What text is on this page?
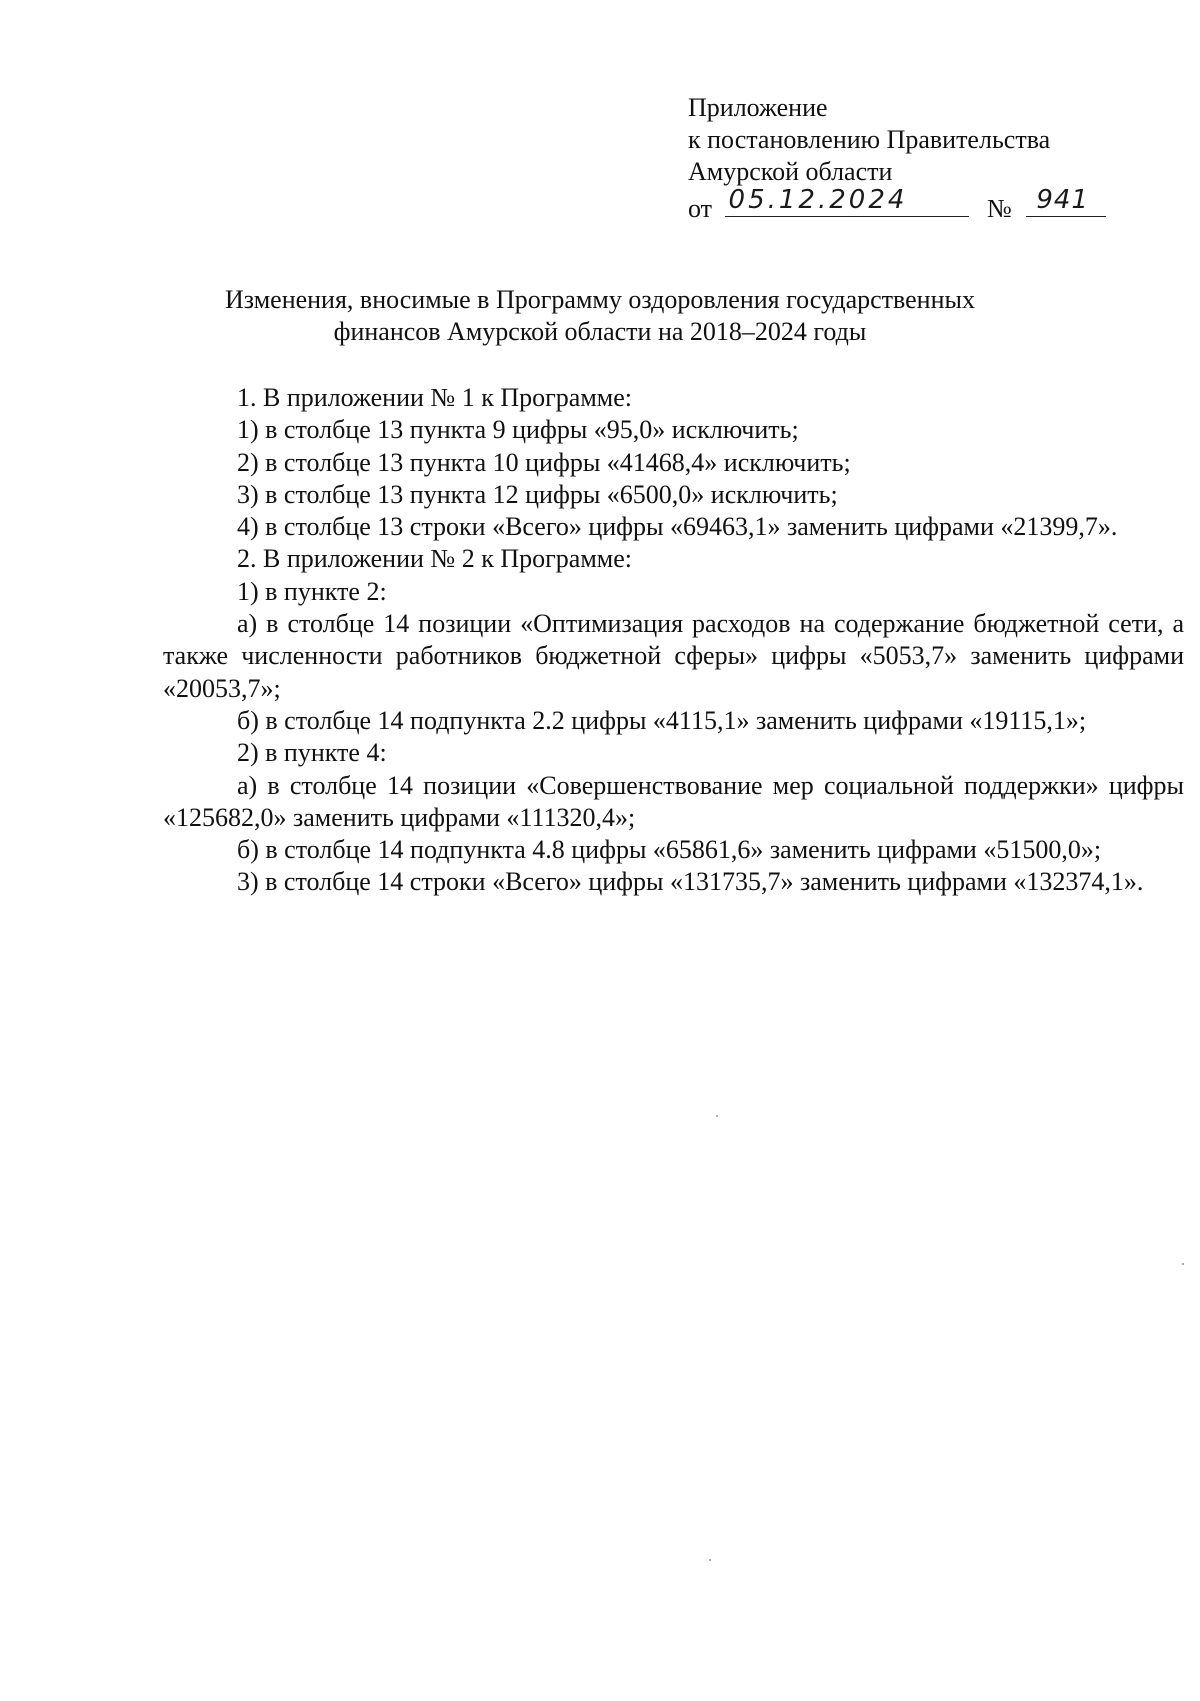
Приложение
к постановлению Правительства
Амурской области
от 05.12.2024	№ 941
Изменения, вносимые в Программу оздоровления государственных
финансов Амурской области на 2018–2024 годы

1. В приложении № 1 к Программе:

1) в столбце 13 пункта 9 цифры «95,0» исключить;

2) в столбце 13 пункта 10 цифры «41468,4» исключить;

3) в столбце 13 пункта 12 цифры «6500,0» исключить;

4) в столбце 13 строки «Всего» цифры «69463,1» заменить цифрами «21399,7».

2. В приложении № 2 к Программе:

1) в пункте 2:

а) в столбце 14 позиции «Оптимизация расходов на содержание бюджетной сети, а также численности работников бюджетной сферы» цифры «5053,7» заменить цифрами «20053,7»;

б) в столбце 14 подпункта 2.2 цифры «4115,1» заменить цифрами «19115,1»;

2) в пункте 4:

а) в столбце 14 позиции «Совершенствование мер социальной поддержки» цифры «125682,0» заменить цифрами «111320,4»;

б) в столбце 14 подпункта 4.8 цифры «65861,6» заменить цифрами «51500,0»;

3) в столбце 14 строки «Всего» цифры «131735,7» заменить цифрами «132374,1».
